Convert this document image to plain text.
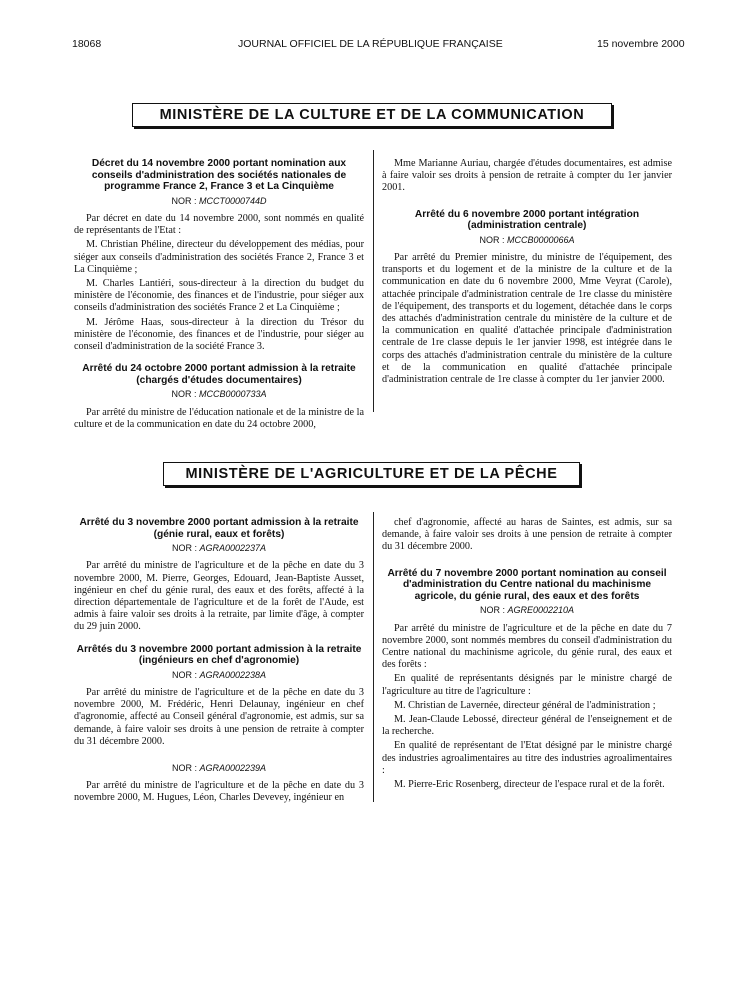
18068	JOURNAL OFFICIEL DE LA RÉPUBLIQUE FRANÇAISE	15 novembre 2000
MINISTÈRE DE LA CULTURE ET DE LA COMMUNICATION

Décret du 14 novembre 2000 portant nomination aux conseils d'administration des sociétés nationales de programme France 2, France 3 et La Cinquième

NOR : MCCT0000744D

Par décret en date du 14 novembre 2000, sont nommés en qualité de représentants de l'Etat :

M. Christian Phéline, directeur du développement des médias, pour siéger aux conseils d'administration des sociétés France 2, France 3 et La Cinquième ;

M. Charles Lantiéri, sous-directeur à la direction du budget du ministère de l'économie, des finances et de l'industrie, pour siéger aux conseils d'administration des sociétés France 2 et La Cinquième ;

M. Jérôme Haas, sous-directeur à la direction du Trésor du ministère de l'économie, des finances et de l'industrie, pour siéger au conseil d'administration de la société France 3.

Arrêté du 24 octobre 2000 portant admission à la retraite (chargés d'études documentaires)

NOR : MCCB0000733A

Par arrêté du ministre de l'éducation nationale et de la ministre de la culture et de la communication en date du 24 octobre 2000,

Mme Marianne Auriau, chargée d'études documentaires, est admise à faire valoir ses droits à pension de retraite à compter du 1er janvier 2001.

Arrêté du 6 novembre 2000 portant intégration (administration centrale)

NOR : MCCB0000066A

Par arrêté du Premier ministre, du ministre de l'équipement, des transports et du logement et de la ministre de la culture et de la communication en date du 6 novembre 2000, Mme Veyrat (Carole), attachée principale d'administration centrale de 1re classe du ministère de l'équipement, des transports et du logement, détachée dans le corps des attachés d'administration centrale du ministère de la culture et de la communication en qualité d'attachée principale d'administration centrale de 1re classe depuis le 1er janvier 1998, est intégrée dans le corps des attachés d'administration centrale du ministère de la culture et de la communication en qualité d'attachée principale d'administration centrale de 1re classe à compter du 1er janvier 2000.

MINISTÈRE DE L'AGRICULTURE ET DE LA PÊCHE

Arrêté du 3 novembre 2000 portant admission à la retraite (génie rural, eaux et forêts)

NOR : AGRA0002237A

Par arrêté du ministre de l'agriculture et de la pêche en date du 3 novembre 2000, M. Pierre, Georges, Edouard, Jean-Baptiste Ausset, ingénieur en chef du génie rural, des eaux et des forêts, affecté à la direction départementale de l'agriculture et de la forêt de l'Aude, est admis à faire valoir ses droits à la retraite, par limite d'âge, à compter du 29 juin 2000.

Arrêtés du 3 novembre 2000 portant admission à la retraite (ingénieurs en chef d'agronomie)

NOR : AGRA0002238A

Par arrêté du ministre de l'agriculture et de la pêche en date du 3 novembre 2000, M. Frédéric, Henri Delaunay, ingénieur en chef d'agronomie, affecté au Conseil général d'agronomie, est admis, sur sa demande, à faire valoir ses droits à une pension de retraite à compter du 31 décembre 2000.

NOR : AGRA0002239A

Par arrêté du ministre de l'agriculture et de la pêche en date du 3 novembre 2000, M. Hugues, Léon, Charles Devevey, ingénieur en

chef d'agronomie, affecté au haras de Saintes, est admis, sur sa demande, à faire valoir ses droits à une pension de retraite à compter du 31 décembre 2000.

Arrêté du 7 novembre 2000 portant nomination au conseil d'administration du Centre national du machinisme agricole, du génie rural, des eaux et des forêts

NOR : AGRE0002210A

Par arrêté du ministre de l'agriculture et de la pêche en date du 7 novembre 2000, sont nommés membres du conseil d'administration du Centre national du machinisme agricole, du génie rural, des eaux et des forêts :

En qualité de représentants désignés par le ministre chargé de l'agriculture au titre de l'agriculture :

M. Christian de Lavernée, directeur général de l'administration ;

M. Jean-Claude Lebossé, directeur général de l'enseignement et de la recherche.

En qualité de représentant de l'Etat désigné par le ministre chargé des industries agroalimentaires au titre des industries agroalimentaires :

M. Pierre-Eric Rosenberg, directeur de l'espace rural et de la forêt.
